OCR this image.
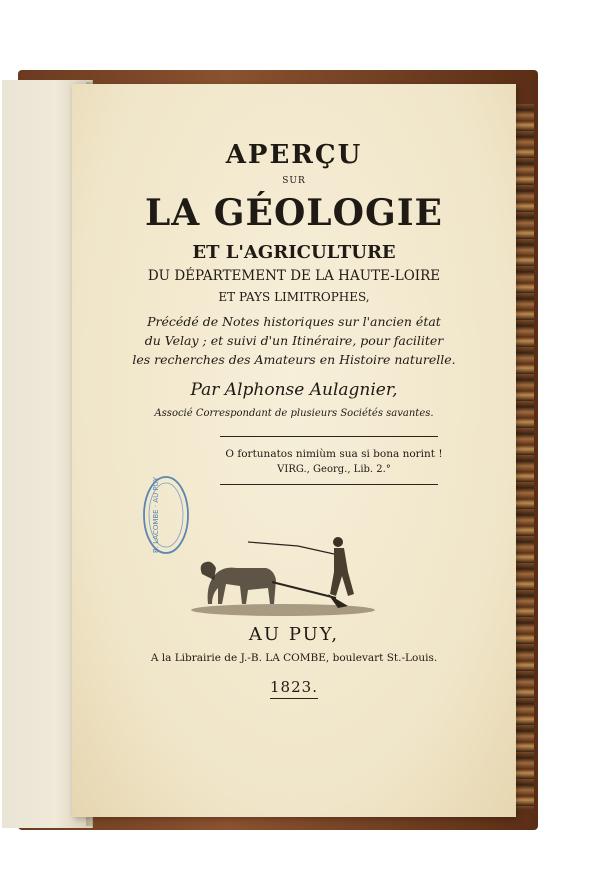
APERÇU
SUR
LA GÉOLOGIE
ET L'AGRICULTURE
DU DÉPARTEMENT DE LA HAUTE-LOIRE
ET PAYS LIMITROPHES,
Précédé de Notes historiques sur l'ancien état
du Velay ; et suivi d'un Itinéraire, pour faciliter
les recherches des Amateurs en Histoire naturelle.
Par Alphonse Aulagnier,
Associé Correspondant de plusieurs Sociétés savantes.
O fortunatos nimiùm sua si bona norint !
VIRG., Georg., Lib. 2.°
B. LACOMBE · AU PUY
AU PUY,
A la Librairie de J.-B. LA COMBE, boulevart St.-Louis.
1823.
